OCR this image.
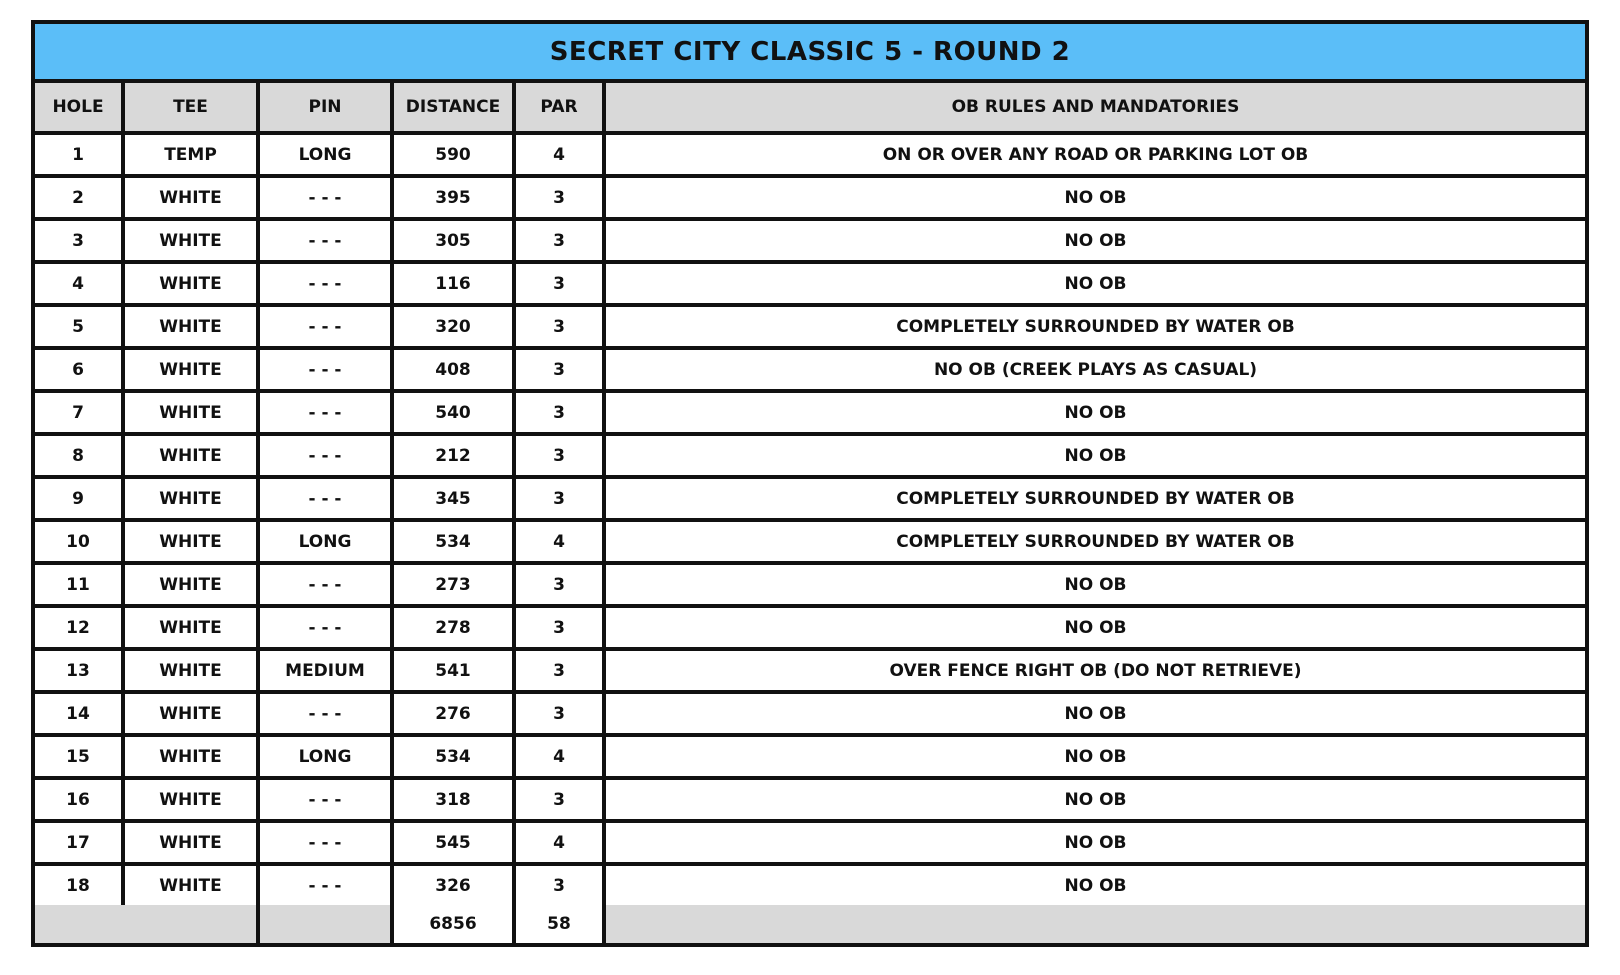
SECRET CITY CLASSIC 5 - ROUND 2
HOLE	TEE	PIN	DISTANCE	PAR	OB RULES AND MANDATORIES
1	TEMP	LONG	590	4	ON OR OVER ANY ROAD OR PARKING LOT OB
2	WHITE	- - -	395	3	NO OB
3	WHITE	- - -	305	3	NO OB
4	WHITE	- - -	116	3	NO OB
5	WHITE	- - -	320	3	COMPLETELY SURROUNDED BY WATER OB
6	WHITE	- - -	408	3	NO OB (CREEK PLAYS AS CASUAL)
7	WHITE	- - -	540	3	NO OB
8	WHITE	- - -	212	3	NO OB
9	WHITE	- - -	345	3	COMPLETELY SURROUNDED BY WATER OB
10	WHITE	LONG	534	4	COMPLETELY SURROUNDED BY WATER OB
11	WHITE	- - -	273	3	NO OB
12	WHITE	- - -	278	3	NO OB
13	WHITE	MEDIUM	541	3	OVER FENCE RIGHT OB (DO NOT RETRIEVE)
14	WHITE	- - -	276	3	NO OB
15	WHITE	LONG	534	4	NO OB
16	WHITE	- - -	318	3	NO OB
17	WHITE	- - -	545	4	NO OB
18	WHITE	- - -	326	3	NO OB
			6856	58	
